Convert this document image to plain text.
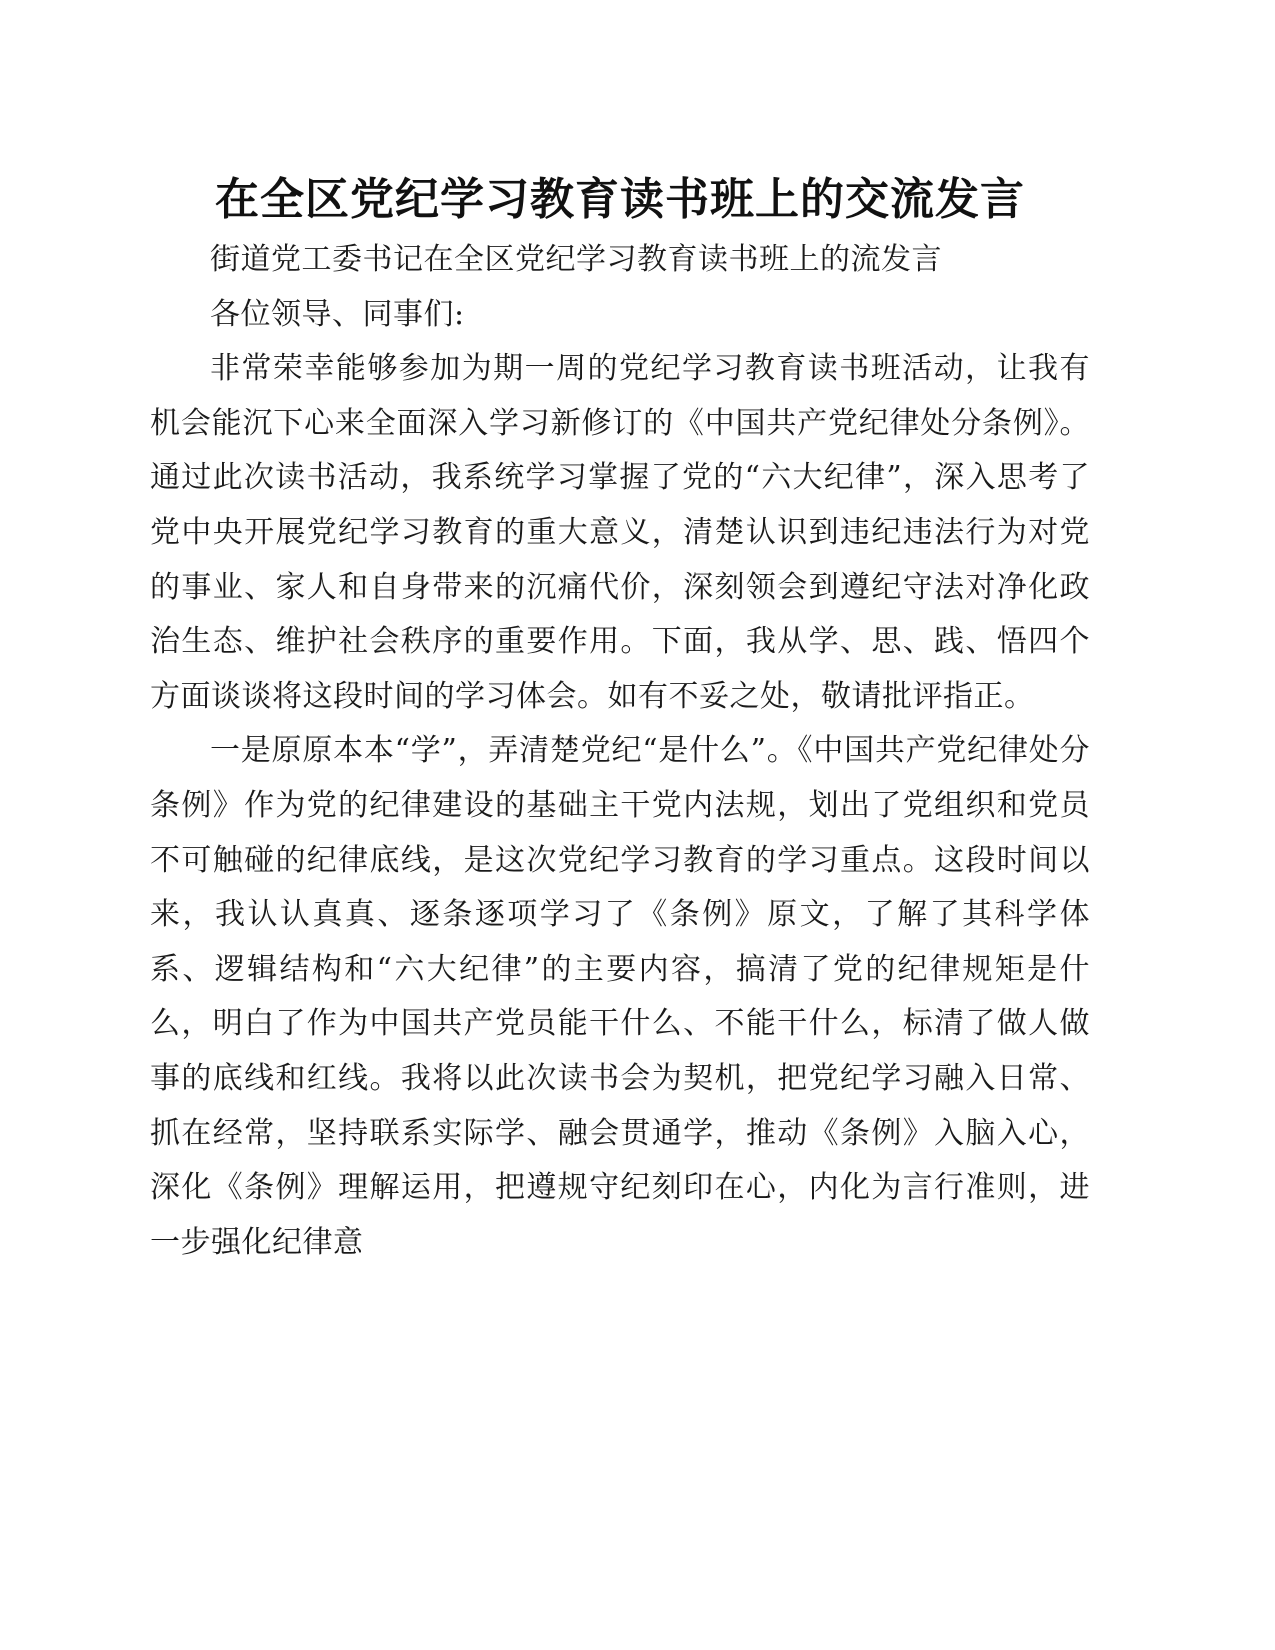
在全区党纪学习教育读书班上的交流发言

街道党工委书记在全区党纪学习教育读书班上的流发言

各位领导、同事们:

非常荣幸能够参加为期一周的党纪学习教育读书班活动，让我有机会能沉下心来全面深入学习新修订的《中国共产党纪律处分条例》。通过此次读书活动，我系统学习掌握了党的“六大纪律”，深入思考了党中央开展党纪学习教育的重大意义，清楚认识到违纪违法行为对党的事业、家人和自身带来的沉痛代价，深刻领会到遵纪守法对净化政治生态、维护社会秩序的重要作用。下面，我从学、思、践、悟四个方面谈谈将这段时间的学习体会。如有不妥之处，敬请批评指正。

一是原原本本“学”，弄清楚党纪“是什么”。《中国共产党纪律处分条例》作为党的纪律建设的基础主干党内法规，划出了党组织和党员不可触碰的纪律底线，是这次党纪学习教育的学习重点。这段时间以来，我认认真真、逐条逐项学习了《条例》原文，了解了其科学体系、逻辑结构和“六大纪律”的主要内容，搞清了党的纪律规矩是什么，明白了作为中国共产党员能干什么、不能干什么，标清了做人做事的底线和红线。我将以此次读书会为契机，把党纪学习融入日常、抓在经常，坚持联系实际学、融会贯通学，推动《条例》入脑入心，深化《条例》理解运用，把遵规守纪刻印在心，内化为言行准则，进一步强化纪律意
